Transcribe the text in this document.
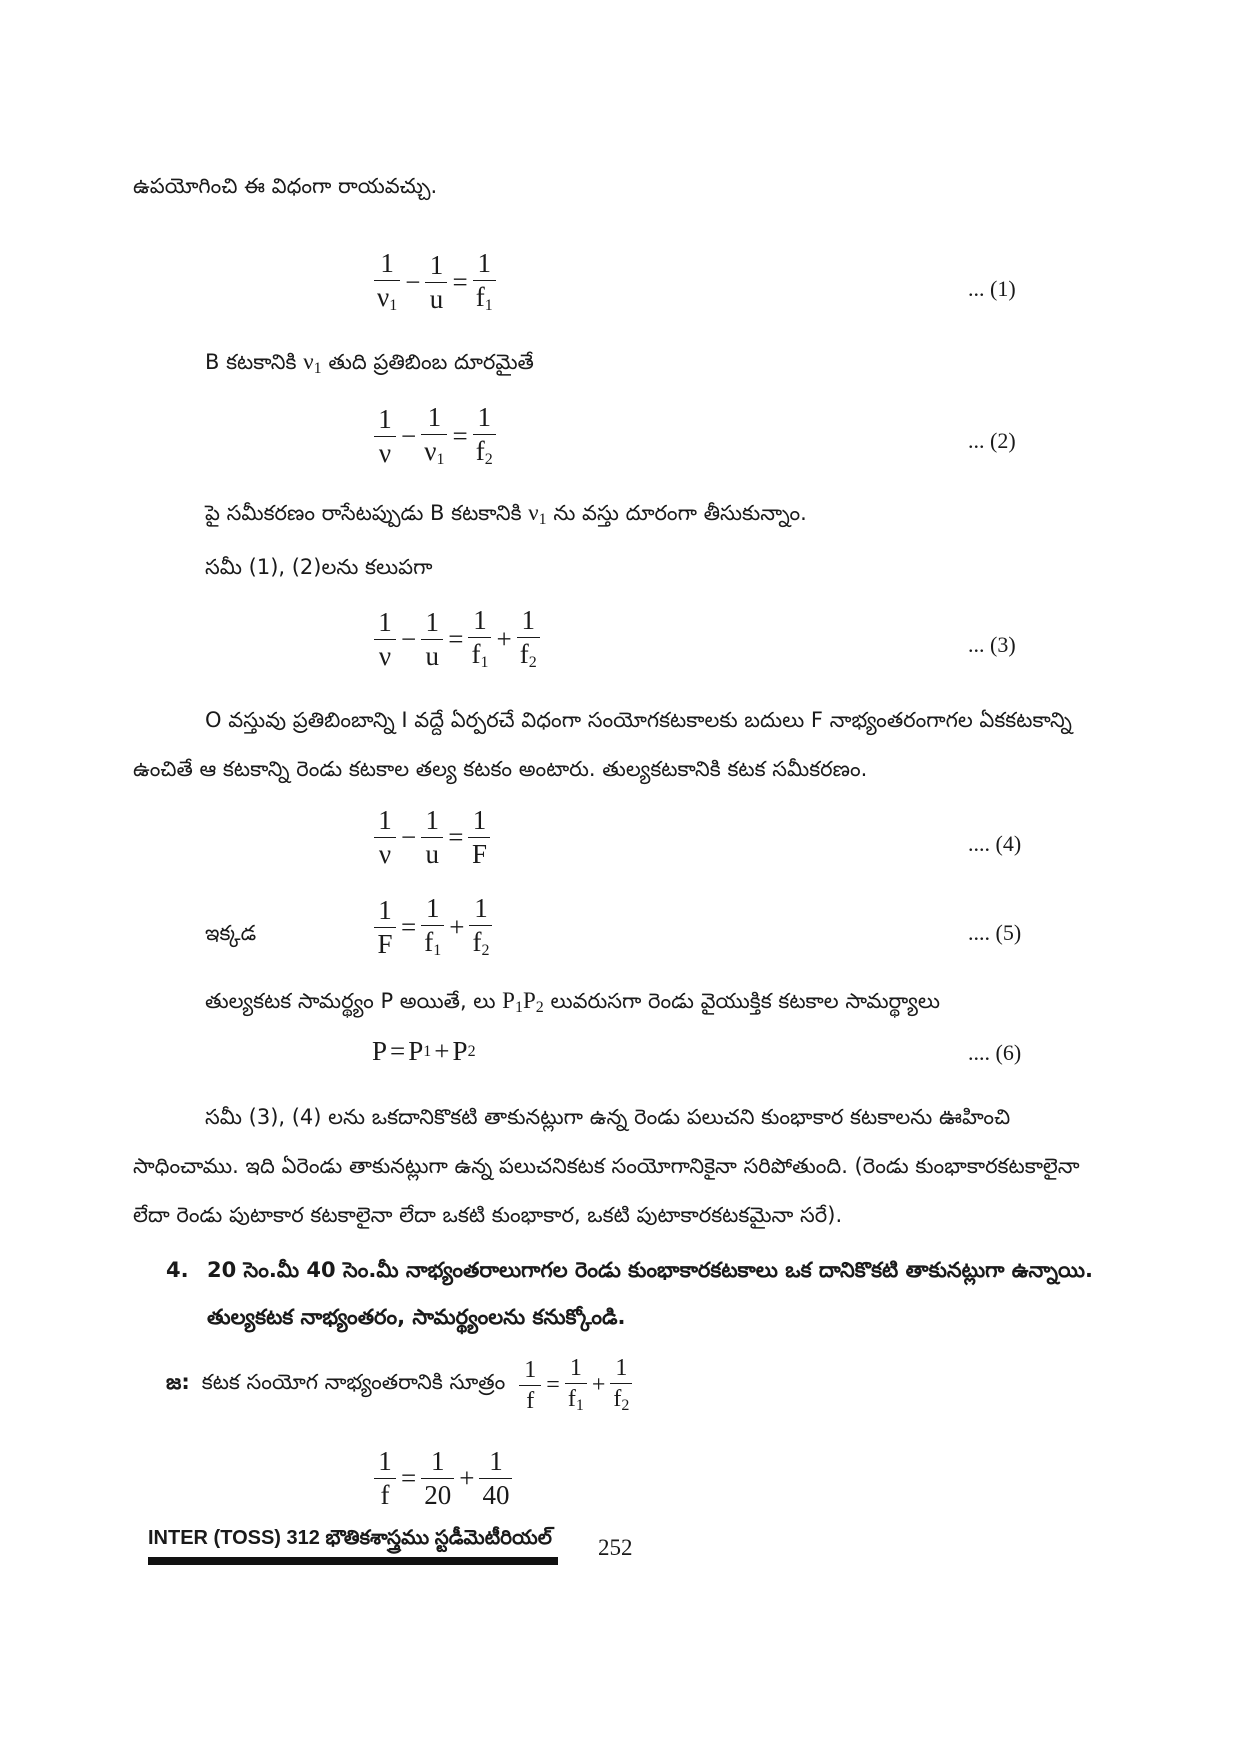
ఉపయోగించి ఈ విధంగా రాయవచ్చు.
$\frac{1}{\nu_1} - \frac{1}{u} = \frac{1}{f_1}$	... (1)
B కటకానికి $\nu_1$ తుది ప్రతిబింబ దూరమైతే
$\frac{1}{\nu} - \frac{1}{\nu_1} = \frac{1}{f_2}$	... (2)
పై సమీకరణం రాసేటప్పుడు B కటకానికి $\nu_1$ ను వస్తు దూరంగా తీసుకున్నాం.
సమీ (1), (2)లను కలుపగా
$\frac{1}{\nu} - \frac{1}{u} = \frac{1}{f_1} + \frac{1}{f_2}$	... (3)
O వస్తువు ప్రతిబింబాన్ని I వద్దే ఏర్పరచే విధంగా సంయోగకటకాలకు బదులు F నాభ్యంతరంగాగల ఏకకటకాన్ని ఉంచితే ఆ కటకాన్ని రెండు కటకాల తల్య కటకం అంటారు. తుల్యకటకానికి కటక సమీకరణం.
$\frac{1}{\nu} - \frac{1}{u} = \frac{1}{F}$	.... (4)
ఇక్కడ	$\frac{1}{F} = \frac{1}{f_1} + \frac{1}{f_2}$	.... (5)
తుల్యకటక సామర్థ్యం P అయితే, లు $P_1P_2$ లువరుసగా రెండు వైయుక్తిక కటకాల సామర్థ్యాలు
P = P 1 + P 2	.... (6)
సమీ (3), (4) లను ఒకదానికొకటి తాకునట్లుగా ఉన్న రెండు పలుచని కుంభాకార కటకాలను ఊహించి సాధించాము. ఇది ఏరెండు తాకునట్లుగా ఉన్న పలుచనికటక సంయోగానికైనా సరిపోతుంది. (రెండు కుంభాకారకటకాలైనా లేదా రెండు పుటాకార కటకాలైనా లేదా ఒకటి కుంభాకార, ఒకటి పుటాకారకటకమైనా సరే).
4. 20 సెం.మీ 40 సెం.మీ నాభ్యంతరాలుగాగల రెండు కుంభాకారకటకాలు ఒక దానికొకటి తాకునట్లుగా ఉన్నాయి. తుల్యకటక నాభ్యంతరం, సామర్థ్యంలను కనుక్కోండి.
జ: కటక సంయోగ నాభ్యంతరానికి సూత్రం $\frac{1}{f} = \frac{1}{f_1} + \frac{1}{f_2}$
$\frac{1}{f} = \frac{1}{20} + \frac{1}{40}$
INTER (TOSS) 312 భౌతికశాస్త్రము స్టడీమెటీరియల్ 252
